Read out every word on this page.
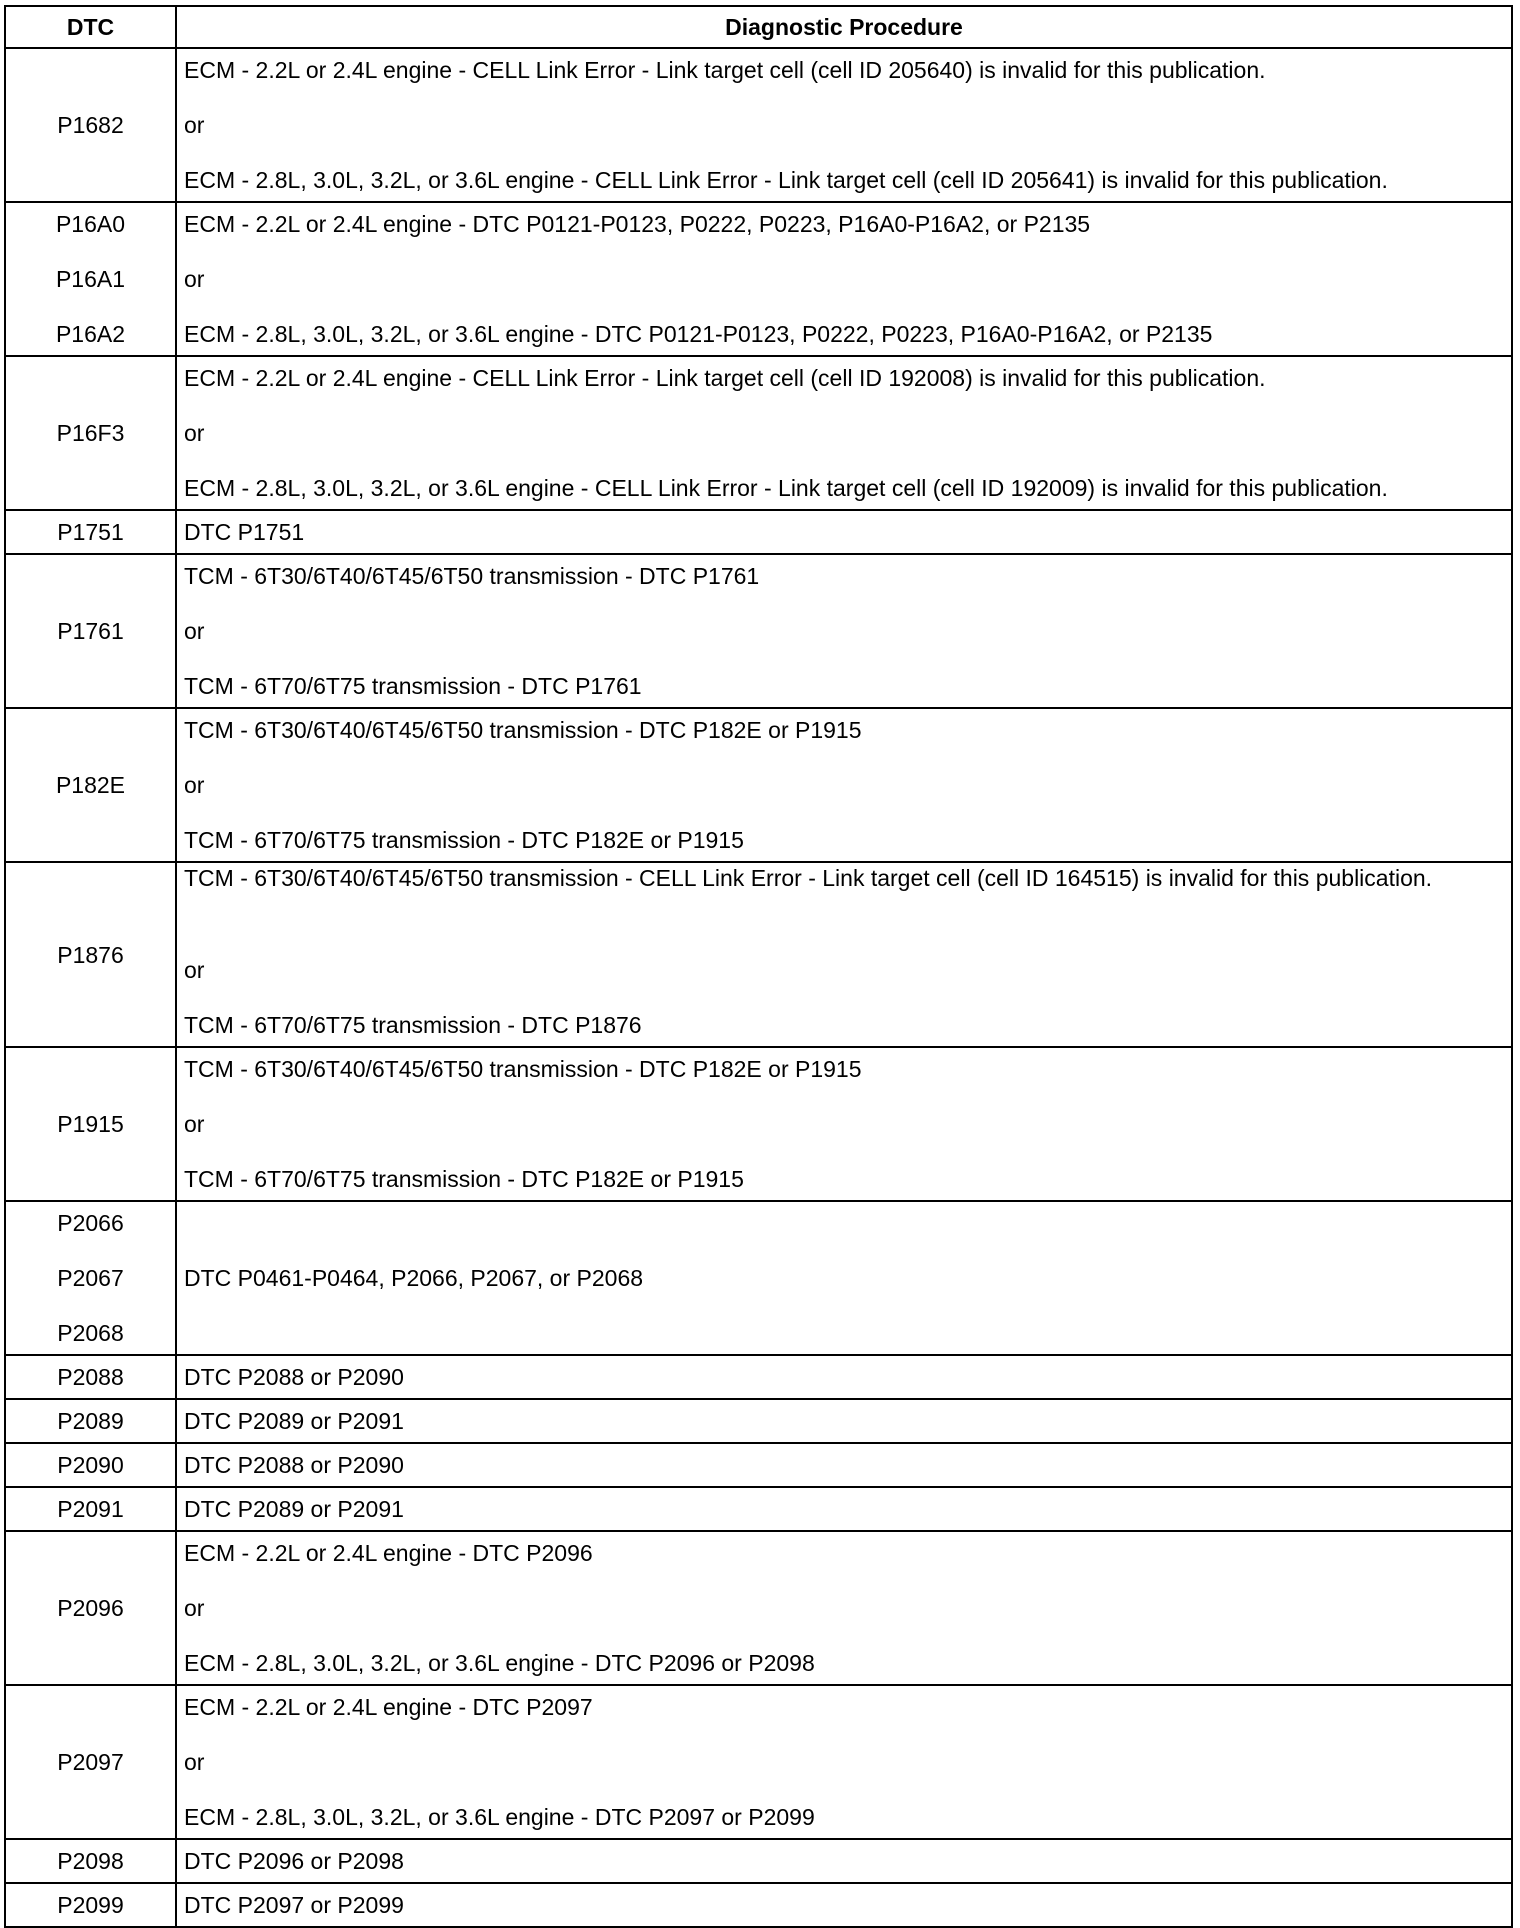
DTC	Diagnostic Procedure

P1682	ECM - 2.2L or 2.4L engine - CELL Link Error - Link target cell (cell ID 205640) is invalid for this publication.
or
ECM - 2.8L, 3.0L, 3.2L, or 3.6L engine - CELL Link Error - Link target cell (cell ID 205641) is invalid for this publication.

P16A0
P16A1
P16A2	ECM - 2.2L or 2.4L engine - DTC P0121-P0123, P0222, P0223, P16A0-P16A2, or P2135
or
ECM - 2.8L, 3.0L, 3.2L, or 3.6L engine - DTC P0121-P0123, P0222, P0223, P16A0-P16A2, or P2135

P16F3	ECM - 2.2L or 2.4L engine - CELL Link Error - Link target cell (cell ID 192008) is invalid for this publication.
or
ECM - 2.8L, 3.0L, 3.2L, or 3.6L engine - CELL Link Error - Link target cell (cell ID 192009) is invalid for this publication.

P1751	DTC P1751

P1761	TCM - 6T30/6T40/6T45/6T50 transmission - DTC P1761
or
TCM - 6T70/6T75 transmission - DTC P1761

P182E	TCM - 6T30/6T40/6T45/6T50 transmission - DTC P182E or P1915
or
TCM - 6T70/6T75 transmission - DTC P182E or P1915

P1876	TCM - 6T30/6T40/6T45/6T50 transmission - CELL Link Error - Link target cell (cell ID 164515) is invalid for this publication.
or
TCM - 6T70/6T75 transmission - DTC P1876

P1915	TCM - 6T30/6T40/6T45/6T50 transmission - DTC P182E or P1915
or
TCM - 6T70/6T75 transmission - DTC P182E or P1915

P2066
P2067
P2068	DTC P0461-P0464, P2066, P2067, or P2068

P2088	DTC P2088 or P2090

P2089	DTC P2089 or P2091

P2090	DTC P2088 or P2090

P2091	DTC P2089 or P2091

P2096	ECM - 2.2L or 2.4L engine - DTC P2096
or
ECM - 2.8L, 3.0L, 3.2L, or 3.6L engine - DTC P2096 or P2098

P2097	ECM - 2.2L or 2.4L engine - DTC P2097
or
ECM - 2.8L, 3.0L, 3.2L, or 3.6L engine - DTC P2097 or P2099

P2098	DTC P2096 or P2098

P2099	DTC P2097 or P2099
